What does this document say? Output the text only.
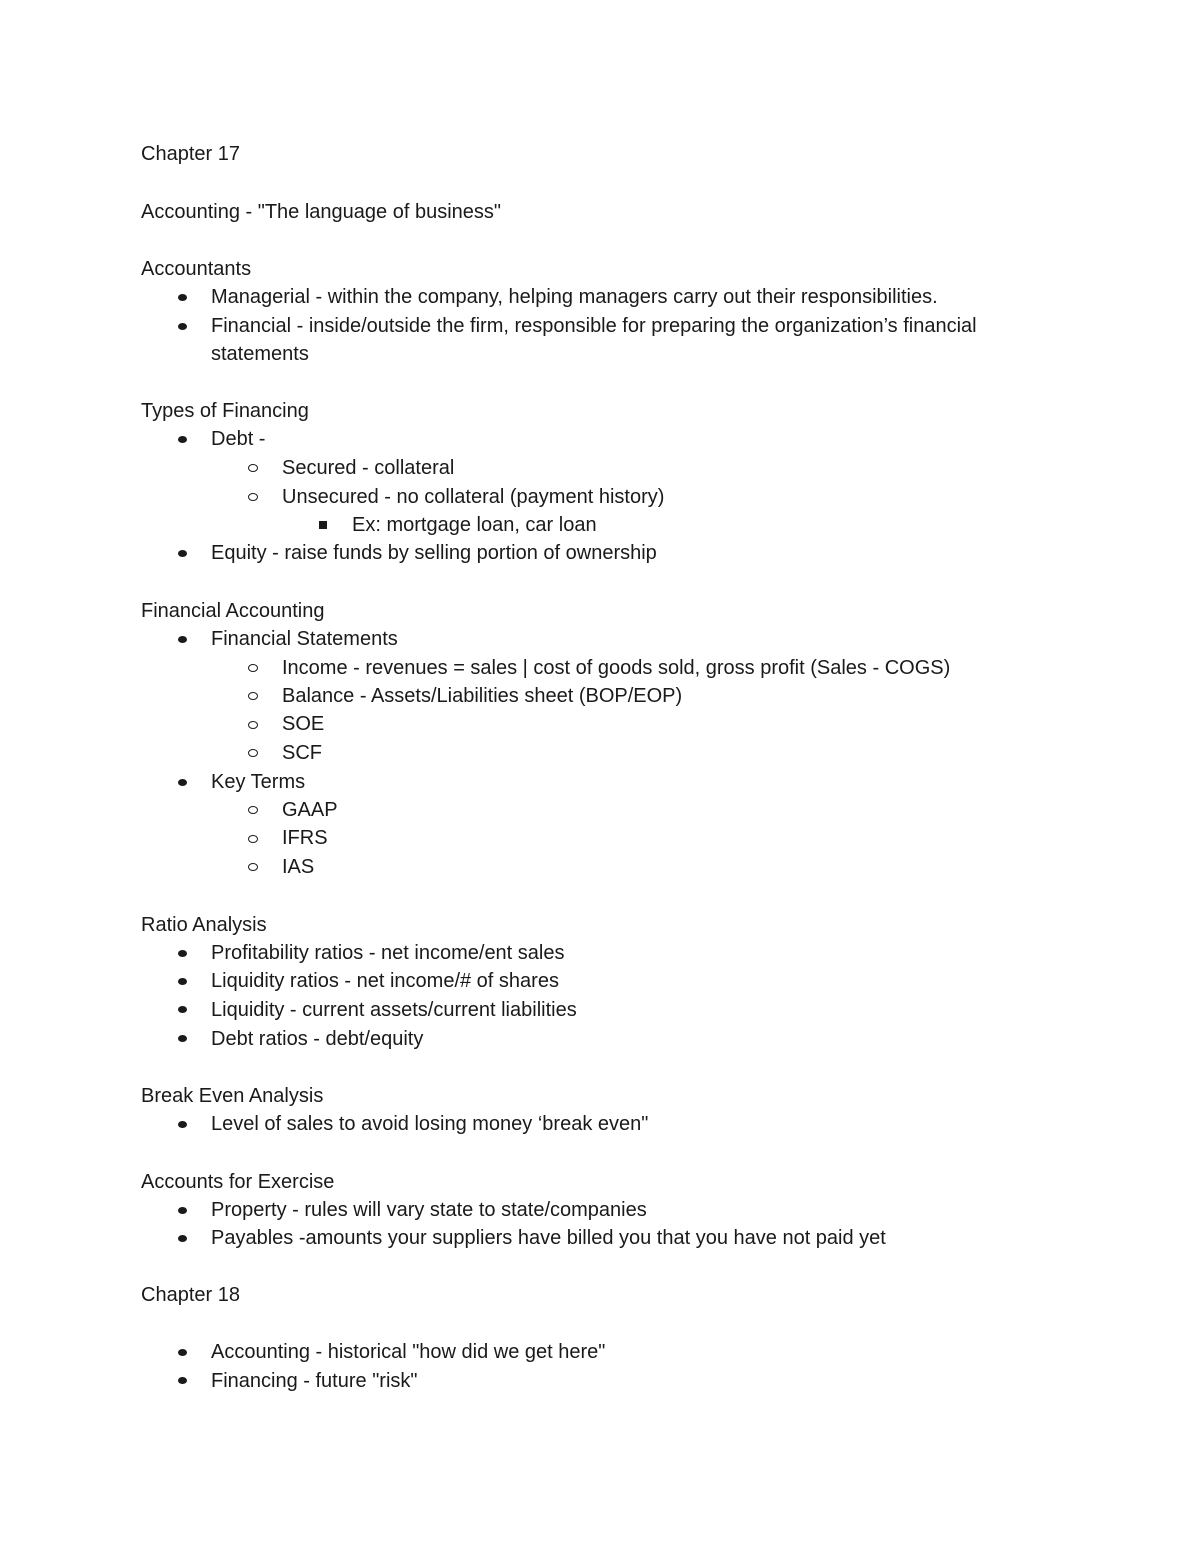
Chapter 17
Accounting - "The language of business"
Accountants
Managerial - within the company, helping managers carry out their responsibilities.
Financial - inside/outside the firm, responsible for preparing the organization’s financial statements
Types of Financing
Debt -
Secured - collateral
Unsecured - no collateral (payment history)
Ex: mortgage loan, car loan
Equity - raise funds by selling portion of ownership
Financial Accounting
Financial Statements
Income - revenues = sales | cost of goods sold, gross profit (Sales - COGS)
Balance - Assets/Liabilities sheet (BOP/EOP)
SOE
SCF
Key Terms
GAAP
IFRS
IAS
Ratio Analysis
Profitability ratios - net income/ent sales
Liquidity ratios - net income/# of shares
Liquidity - current assets/current liabilities
Debt ratios - debt/equity
Break Even Analysis
Level of sales to avoid losing money ‘break even"
Accounts for Exercise
Property - rules will vary state to state/companies
Payables -amounts your suppliers have billed you that you have not paid yet
Chapter 18
Accounting - historical "how did we get here"
Financing - future "risk"
